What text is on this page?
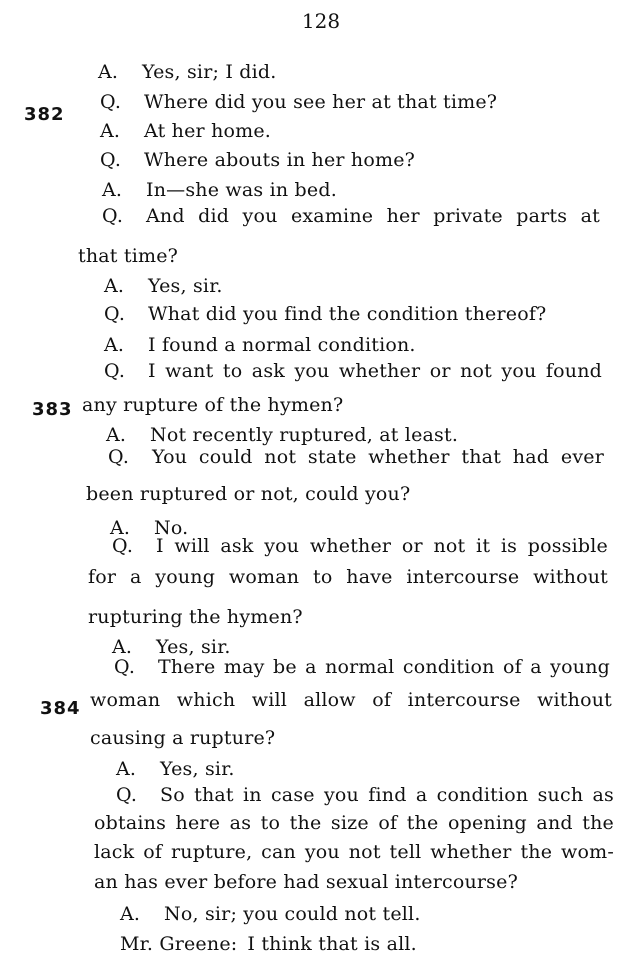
128
382
383
384
A. Yes, sir; I did.
Q. Where did you see her at that time?
A. At her home.
Q. Where abouts in her home?
A. In—she was in bed.
Q. And did you examine her private parts at
that time?
A. Yes, sir.
Q. What did you find the condition thereof?
A. I found a normal condition.
Q. I want to ask you whether or not you found
any rupture of the hymen?
A. Not recently ruptured, at least.
Q. You could not state whether that had ever
been ruptured or not, could you?
A. No.
Q. I will ask you whether or not it is possible
for a young woman to have intercourse without
rupturing the hymen?
A. Yes, sir.
Q. There may be a normal condition of a young
woman which will allow of intercourse without
causing a rupture?
A. Yes, sir.
Q. So that in case you find a condition such as
obtains here as to the size of the opening and the
lack of rupture, can you not tell whether the wom-
an has ever before had sexual intercourse?
A. No, sir; you could not tell.
Mr. Greene: I think that is all.
